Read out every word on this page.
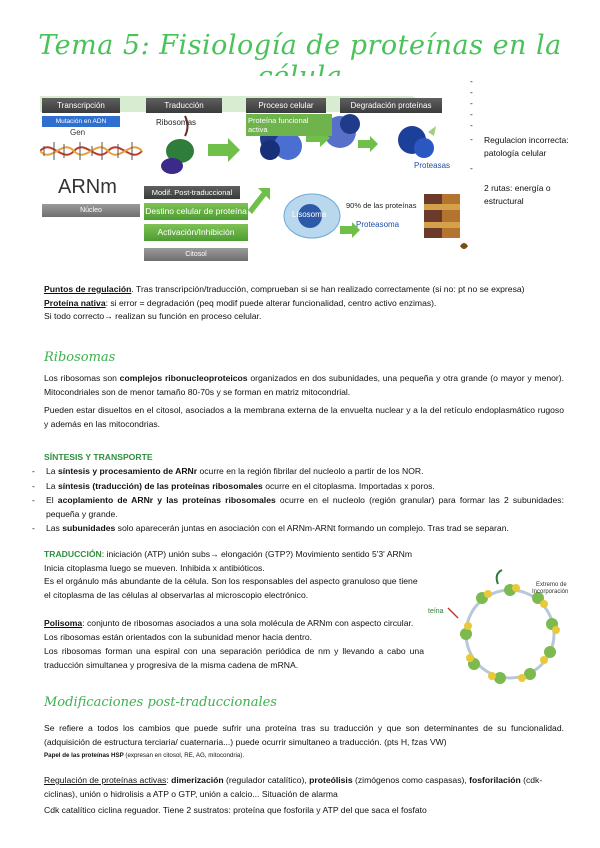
Tema 5: Fisiología de proteínas en la
Transcripción	Traducción	Proceso celular	Degradación proteínas
Mutación en ADN
Gen
Ribosomas	Proteína funcional activa
Proteasas
ARNm
Núcleo
Modif. Post-traduccional
Destino celular de proteína
Activación/Inhibición
Citosol
Lisosoma
90% de las proteínas
Proteasoma
-
-
-
-
-
-	Regulacion incorrecta: patología celular
-
2 rutas: energía o estructural
Puntos de regulación. Tras transcripción/traducción, comprueban si se han realizado correctamente (si no: pt no se expresa)
Proteína nativa: si error = degradación (peq modif puede alterar funcionalidad, centro activo enzimas).
Si todo correcto→ realizan su función en proceso celular.
Ribosomas
Los ribosomas son complejos ribonucleoproteicos organizados en dos subunidades, una pequeña y otra grande (o mayor y menor). Mitocondriales son de menor tamaño 80-70s y se forman en matriz mitocondrial.
Pueden estar disueltos en el citosol, asociados a la membrana externa de la envuelta nuclear y a la del retículo endoplasmático rugoso y además en las mitocondrias.
SÍNTESIS Y TRANSPORTE
- La síntesis y procesamiento de ARNr ocurre en la región fibrilar del nucleolo a partir de los NOR.
- La síntesis (traducción) de las proteínas ribosomales ocurre en el citoplasma. Importadas x poros.
- El acoplamiento de ARNr y las proteínas ribosomales ocurre en el nucleolo (región granular) para formar las 2 subunidades: pequeña y grande.
- Las subunidades solo aparecerán juntas en asociación con el ARNm-ARNt formando un complejo. Tras trad se separan.
TRADUCCIÓN: iniciación (ATP) unión subs→ elongación (GTP?) Movimiento sentido 5'3' ARNm
Inicia citoplasma luego se mueven. Inhibida x antibióticos.
Es el orgánulo más abundante de la célula. Son los responsables del aspecto granuloso que tiene el citoplasma de las células al observarlas al microscopio electrónico.
Polisoma: conjunto de ribosomas asociados a una sola molécula de ARNm con aspecto circular. Los ribosomas están orientados con la subunidad menor hacia dentro.
Los ribosomas forman una espiral con una separación periódica de nm y llevando a cabo una traducción simultanea y progresiva de la misma cadena de mRNA.
Extremo de
Incorporación
teína
Modificaciones post-traduccionales
Se refiere a todos los cambios que puede sufrir una proteína tras su traducción y que son determinantes de su funcionalidad. (adquisición de estructura terciaria/ cuaternaria...) puede ocurrir simultaneo a traducción. (pts H, fzas VW)
Papel de las proteínas HSP (expresan en citosol, RE, AG, mitocondria).
Regulación de proteínas activas: dimerización (regulador catalítico), proteólisis (zimógenos como caspasas), fosforilación (cdk-ciclinas), unión o hidrolisis a ATP o GTP, unión a calcio... Situación de alarma
Cdk catalítico ciclina reguador. Tiene 2 sustratos: proteína que fosforila y ATP del que saca el fosfato
